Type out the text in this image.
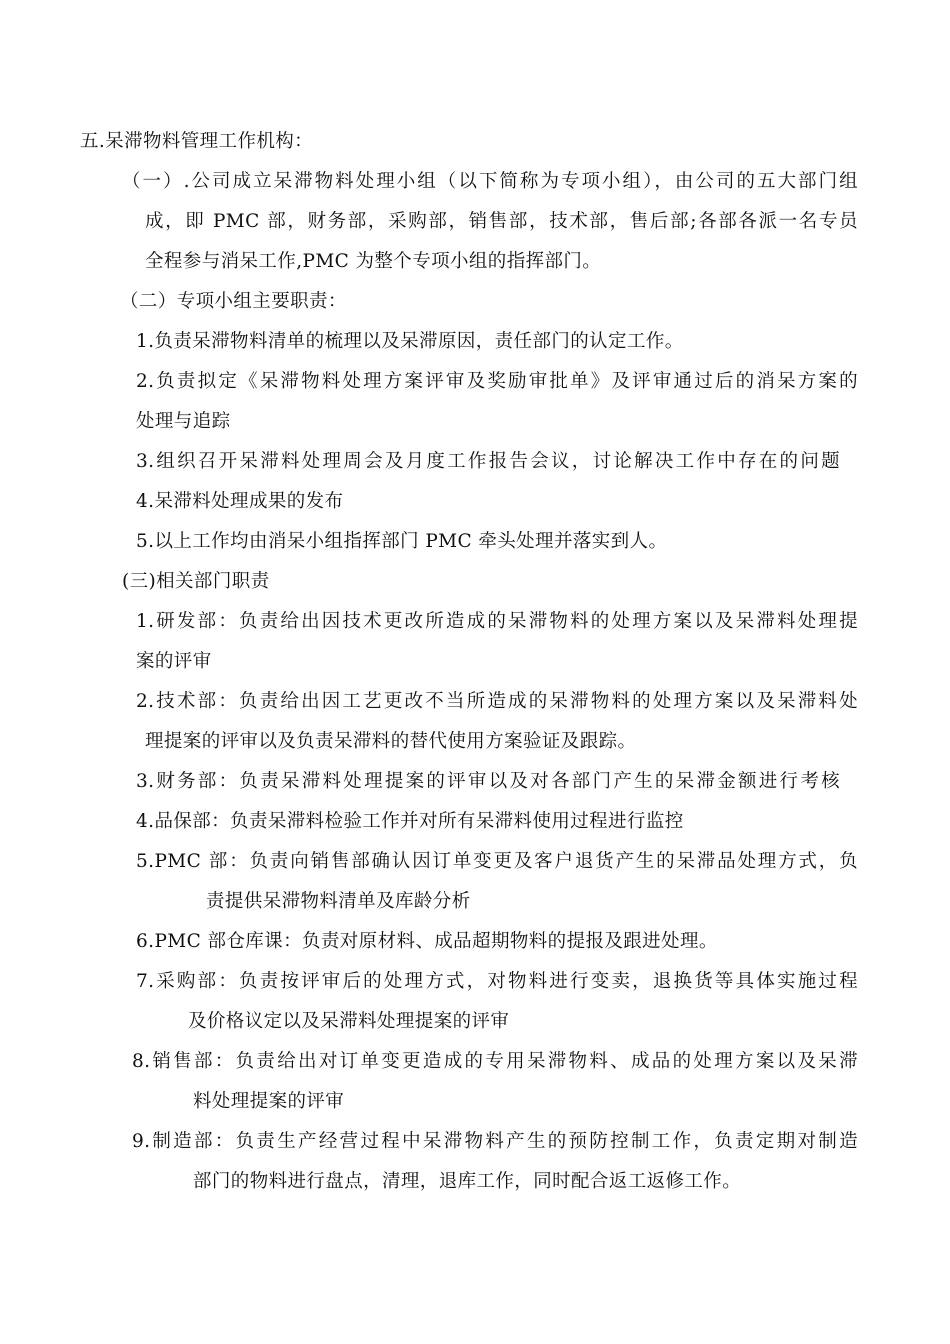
五.呆滞物料管理工作机构：
（一）.公司成立呆滞物料处理小组（以下简称为专项小组），由公司的五大部门组
成，即 PMC 部，财务部，采购部，销售部，技术部，售后部;各部各派一名专员
全程参与消呆工作,PMC 为整个专项小组的指挥部门。
（二）专项小组主要职责：
1.负责呆滞物料清单的梳理以及呆滞原因，责任部门的认定工作。
2.负责拟定《呆滞物料处理方案评审及奖励审批单》及评审通过后的消呆方案的
处理与追踪
3.组织召开呆滞料处理周会及月度工作报告会议，讨论解决工作中存在的问题
4.呆滞料处理成果的发布
5.以上工作均由消呆小组指挥部门 PMC 牵头处理并落实到人。
(三)相关部门职责
1.研发部：负责给出因技术更改所造成的呆滞物料的处理方案以及呆滞料处理提
案的评审
2.技术部：负责给出因工艺更改不当所造成的呆滞物料的处理方案以及呆滞料处
理提案的评审以及负责呆滞料的替代使用方案验证及跟踪。
3.财务部：负责呆滞料处理提案的评审以及对各部门产生的呆滞金额进行考核
4.品保部：负责呆滞料检验工作并对所有呆滞料使用过程进行监控
5.PMC 部：负责向销售部确认因订单变更及客户退货产生的呆滞品处理方式，负
责提供呆滞物料清单及库龄分析
6.PMC 部仓库课：负责对原材料、成品超期物料的提报及跟进处理。
7.采购部：负责按评审后的处理方式，对物料进行变卖，退换货等具体实施过程
及价格议定以及呆滞料处理提案的评审
8.销售部：负责给出对订单变更造成的专用呆滞物料、成品的处理方案以及呆滞
料处理提案的评审
9.制造部：负责生产经营过程中呆滞物料产生的预防控制工作，负责定期对制造
部门的物料进行盘点，清理，退库工作，同时配合返工返修工作。
